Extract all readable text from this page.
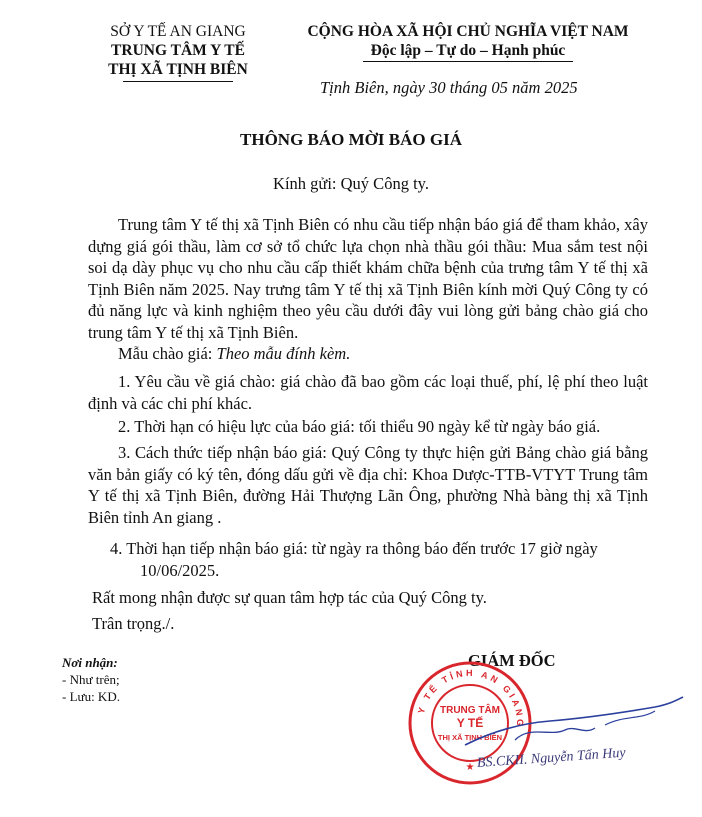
SỞ Y TẾ AN GIANG
TRUNG TÂM Y TẾ
THỊ XÃ TỊNH BIÊN
CỘNG HÒA XÃ HỘI CHỦ NGHĨA VIỆT NAM
Độc lập – Tự do – Hạnh phúc
Tịnh Biên, ngày 30 tháng 05 năm 2025
THÔNG BÁO MỜI BÁO GIÁ
Kính gửi: Quý Công ty.
Trung tâm Y tế thị xã Tịnh Biên có nhu cầu tiếp nhận báo giá để tham khảo, xây dựng giá gói thầu, làm cơ sở tổ chức lựa chọn nhà thầu gói thầu: Mua sắm test nội soi dạ dày phục vụ cho nhu cầu cấp thiết khám chữa bệnh của trưng tâm Y tế thị xã Tịnh Biên năm 2025. Nay trưng tâm Y tế thị xã Tịnh Biên kính mời Quý Công ty có đủ năng lực và kinh nghiệm theo yêu cầu dưới đây vui lòng gửi bảng chào giá cho trung tâm Y tế thị xã Tịnh Biên.
Mẫu chào giá: Theo mẫu đính kèm.
1. Yêu cầu về giá chào: giá chào đã bao gồm các loại thuế, phí, lệ phí theo luật định và các chi phí khác.
2. Thời hạn có hiệu lực của báo giá: tối thiểu 90 ngày kể từ ngày báo giá.
3. Cách thức tiếp nhận báo giá: Quý Công ty thực hiện gửi Bảng chào giá bằng văn bản giấy có ký tên, đóng dấu gửi về địa chỉ: Khoa Dược-TTB-VTYT Trung tâm Y tế thị xã Tịnh Biên, đường Hải Thượng Lãn Ông, phường Nhà bàng thị xã Tịnh Biên tỉnh An giang .
4. Thời hạn tiếp nhận báo giá: từ ngày ra thông báo đến trước 17 giờ ngày 10/06/2025.
Rất mong nhận được sự quan tâm hợp tác của Quý Công ty.
Trân trọng./.
Nơi nhận:
- Như trên;
- Lưu: KD.
GIÁM ĐỐC
Y TẾ TỈNH AN GIANG
TRUNG TÂM
Y TẾ
THỊ XÃ TỊNH BIÊN
★ BS.CKII. Nguyễn Tấn Huy
